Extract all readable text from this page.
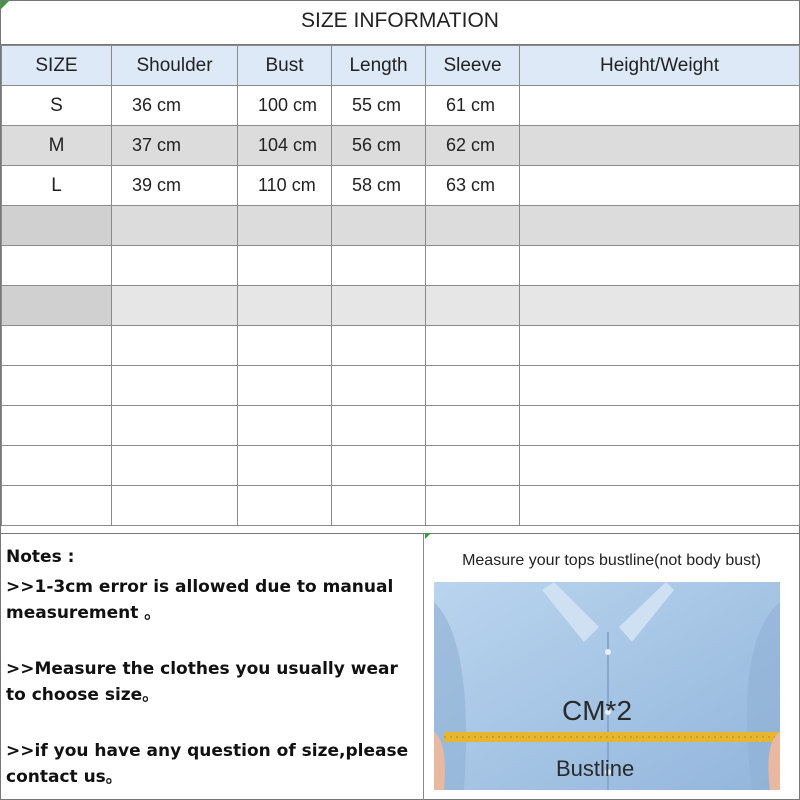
SIZE INFORMATION
SIZE	Shoulder	Bust	Length	Sleeve	Height/Weight
S	36 cm	100 cm	55 cm	61 cm	
M	37 cm	104 cm	56 cm	62 cm	
L	39 cm	110 cm	58 cm	63 cm	

Notes :

>>1-3cm error is allowed due to manual measurement 。

>>Measure the clothes you usually wear to choose size。

>>if you have any question of size,please contact us。

Measure your tops bustline(not body bust)
CM*2
Bustline
